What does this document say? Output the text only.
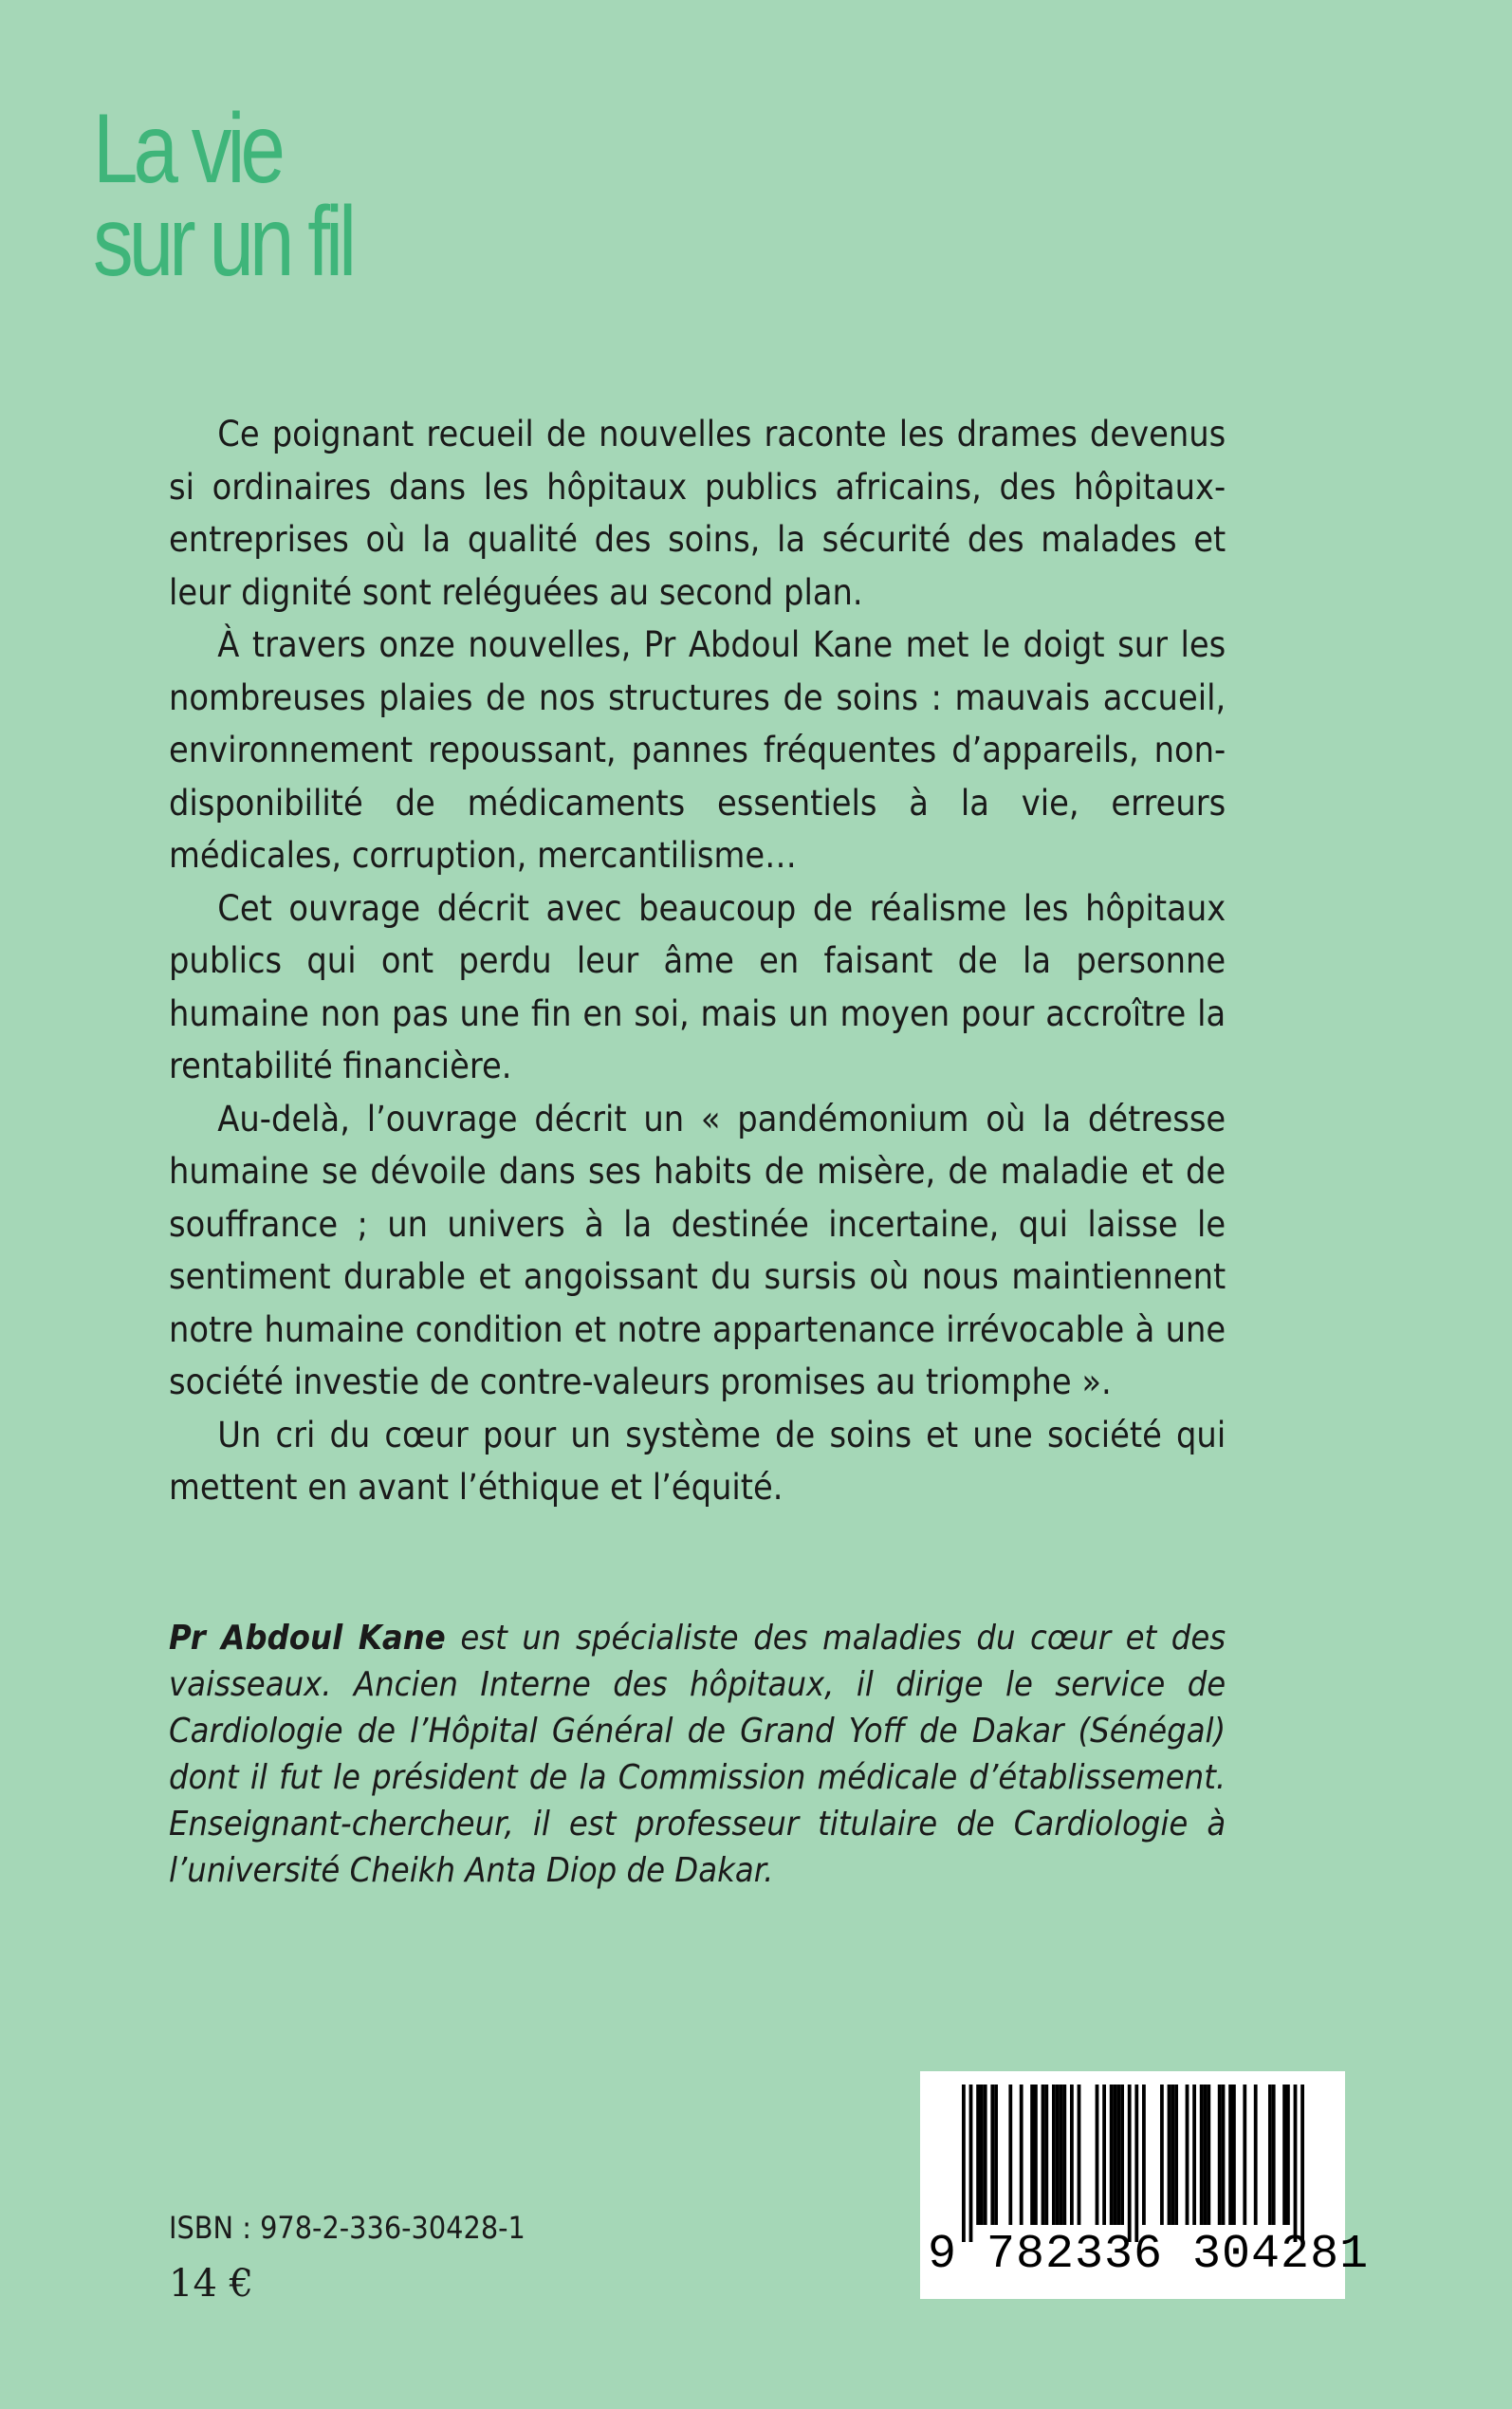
La vie
sur un fil

Ce poignant recueil de nouvelles raconte les drames devenus si ordinaires dans les hôpitaux publics africains, des hôpitaux-entreprises où la qualité des soins, la sécurité des malades et leur dignité sont reléguées au second plan.

À travers onze nouvelles, Pr Abdoul Kane met le doigt sur les nombreuses plaies de nos structures de soins : mauvais accueil, environnement repoussant, pannes fréquentes d’appareils, non-disponibilité de médicaments essentiels à la vie, erreurs médicales, corruption, mercantilisme…

Cet ouvrage décrit avec beaucoup de réalisme les hôpitaux publics qui ont perdu leur âme en faisant de la personne humaine non pas une fin en soi, mais un moyen pour accroître la rentabilité financière.

Au-delà, l’ouvrage décrit un « pandémonium où la détresse humaine se dévoile dans ses habits de misère, de maladie et de souffrance ; un univers à la destinée incertaine, qui laisse le sentiment durable et angoissant du sursis où nous maintiennent notre humaine condition et notre appartenance irrévocable à une société investie de contre-valeurs promises au triomphe ».

Un cri du cœur pour un système de soins et une société qui mettent en avant l’éthique et l’équité.

Pr Abdoul Kane est un spécialiste des maladies du cœur et des vaisseaux. Ancien Interne des hôpitaux, il dirige le service de Cardiologie de l’Hôpital Général de Grand Yoff de Dakar (Sénégal) dont il fut le président de la Commission médicale d’établissement. Enseignant-chercheur, il est professeur titulaire de Cardiologie à l’université Cheikh Anta Diop de Dakar.

ISBN : 978-2-336-30428-1
14 €
9 782336 304281
